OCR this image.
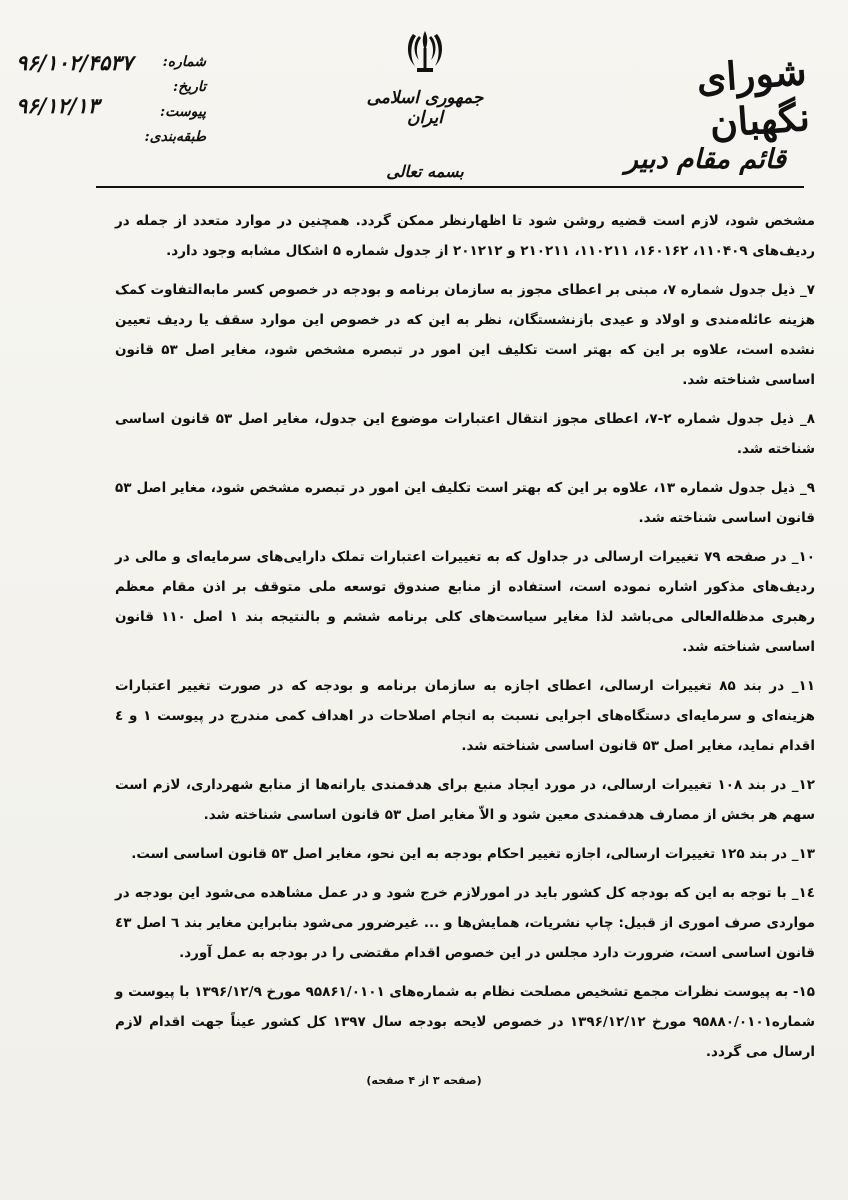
شورای نگهبان
قائم مقام دبیر
جمهوری اسلامی ایران
بسمه تعالی
شماره:
۹۶/۱۰۲/۴۵۳۷
تاریخ:
۹۶/۱۲/۱۳	پیوست:
طبقه‌بندی:

مشخص شود، لازم است قضیه روشن شود تا اظهارنظر ممکن گردد. همچنین در موارد متعدد از جمله در ردیف‌های ۱۱۰۴۰۹، ۱۶۰۱۶۲، ۱۱۰۲۱۱، ۲۱۰۲۱۱ و ۲۰۱۲۱۲ از جدول شماره ۵ اشکال مشابه وجود دارد.

۷_ ذیل جدول شماره ۷، مبنی بر اعطای مجوز به سازمان برنامه و بودجه در خصوص کسر مابه‌التفاوت کمک هزینه عائله‌مندی و اولاد و عیدی بازنشستگان، نظر به این که در خصوص این موارد سقف یا ردیف تعیین نشده است، علاوه بر این که بهتر است تکلیف این امور در تبصره مشخص شود، مغایر اصل ۵۳ قانون اساسی شناخته شد.

۸_ ذیل جدول شماره ۲-۷، اعطای مجوز انتقال اعتبارات موضوع این جدول، مغایر اصل ۵۳ قانون اساسی شناخته شد.

۹_ ذیل جدول شماره ۱۳، علاوه بر این که بهتر است تکلیف این امور در تبصره مشخص شود، مغایر اصل ۵۳ قانون اساسی شناخته شد.

۱۰_ در صفحه ۷۹ تغییرات ارسالی در جداول که به تغییرات اعتبارات تملک دارایی‌های سرمایه‌ای و مالی در ردیف‌های مذکور اشاره نموده است، استفاده از منابع صندوق توسعه ملی متوقف بر اذن مقام معظم رهبری مدظله‌العالی می‌باشد لذا مغایر سیاست‌های کلی برنامه ششم و بالنتیجه بند ۱ اصل ۱۱۰ قانون اساسی شناخته شد.

۱۱_ در بند ۸۵ تغییرات ارسالی، اعطای اجازه به سازمان برنامه و بودجه که در صورت تغییر اعتبارات هزینه‌ای و سرمایه‌ای دستگاه‌های اجرایی نسبت به انجام اصلاحات در اهداف کمی مندرج در پیوست ۱ و ٤ اقدام نماید، مغایر اصل ۵۳ قانون اساسی شناخته شد.

۱۲_ در بند ۱۰۸ تغییرات ارسالی، در مورد ایجاد منبع برای هدفمندی یارانه‌ها از منابع شهرداری، لازم است سهم هر بخش از مصارف هدفمندی معین شود و الاّ مغایر اصل ۵۳ قانون اساسی شناخته شد.

۱۳_ در بند ۱۲۵ تغییرات ارسالی، اجازه تغییر احکام بودجه به این نحو، مغایر اصل ۵۳ قانون اساسی است.

۱٤_ با توجه به این که بودجه کل کشور باید در امورلازم خرج شود و در عمل مشاهده می‌شود این بودجه در مواردی صرف اموری از قبیل: چاپ نشریات، همایش‌ها و ... غیرضرور می‌شود بنابراین مغایر بند ٦ اصل ٤٣ قانون اساسی است، ضرورت دارد مجلس در این خصوص اقدام مقتضی را در بودجه به عمل آورد.

۱۵- به پیوست نظرات مجمع تشخیص مصلحت نظام به شماره‌های ۹۵۸۶۱/۰۱۰۱ مورخ ۱۳۹۶/۱۲/۹ با پیوست و شماره۹۵۸۸۰/۰۱۰۱ مورخ ۱۳۹۶/۱۲/۱۲ در خصوص لایحه بودجه سال ۱۳۹۷ کل کشور عیناً جهت اقدام لازم ارسال می گردد.

(صفحه ۳ از ۴ صفحه)
